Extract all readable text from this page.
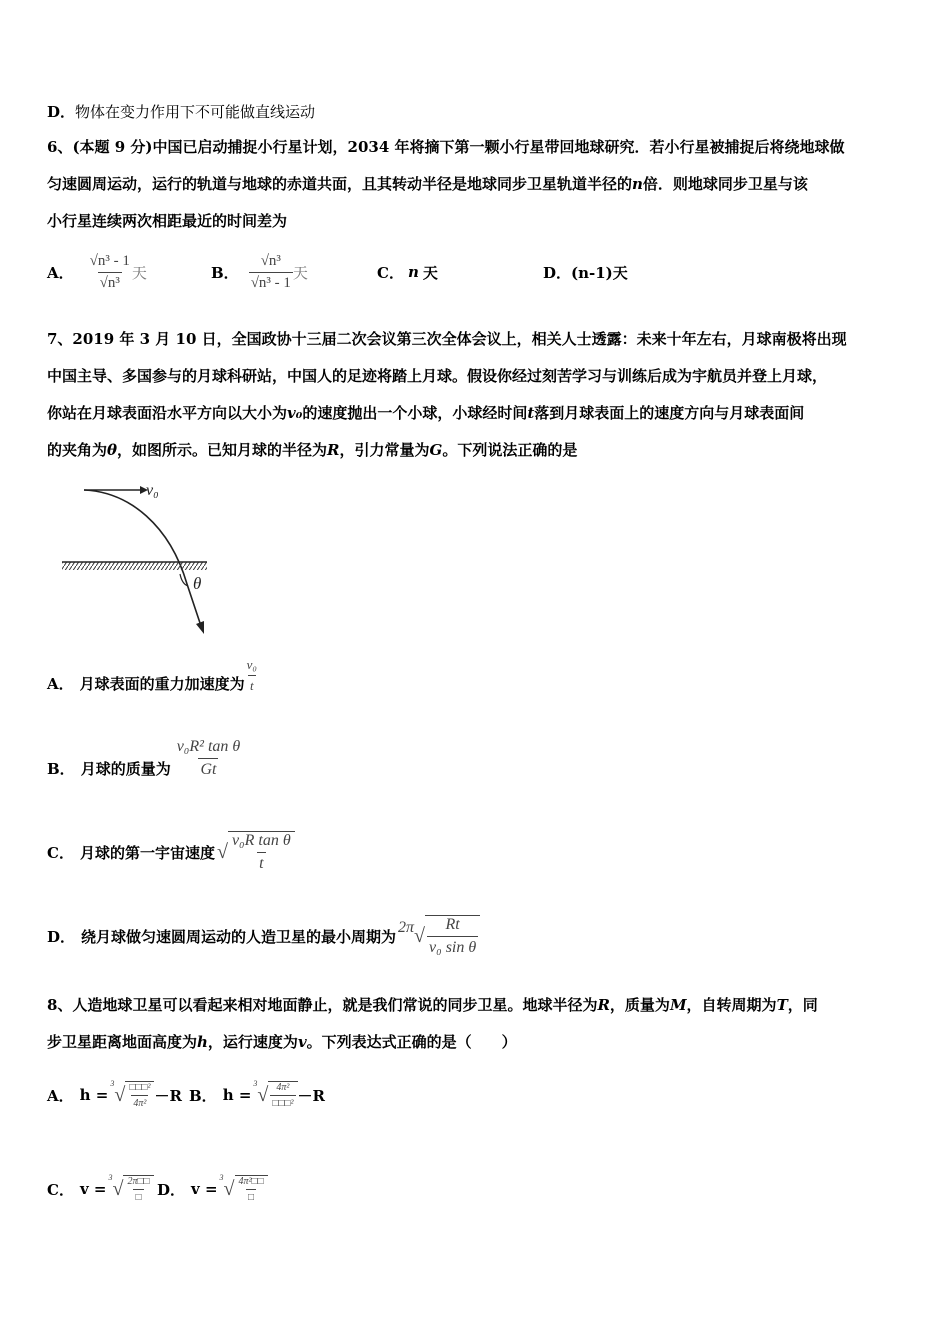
D．物体在变力作用下不可能做直线运动
6、(本题 9 分)中国已启动捕捉小行星计划，2034 年将摘下第一颗小行星带回地球研究．若小行星被捕捉后将绕地球做
匀速圆周运动，运行的轨道与地球的赤道共面，且其转动半径是地球同步卫星轨道半径的n倍．则地球同步卫星与该
小行星连续两次相距最近的时间差为
A． $\frac{\text{√n³ - 1}}{\text{√n³}}$ 天	B． $\frac{\text{√n³}}{\text{√n³ - 1}}$ 天	C． n 天	D． (n-1)天
7、2019 年 3 月 10 日，全国政协十三届二次会议第三次全体会议上，相关人士透露：未来十年左右，月球南极将出现
中国主导、多国参与的月球科研站，中国人的足迹将踏上月球。假设你经过刻苦学习与训练后成为宇航员并登上月球，
你站在月球表面沿水平方向以大小为v₀的速度抛出一个小球，小球经时间t落到月球表面上的速度方向与月球表面间
的夹角为θ，如图所示。已知月球的半径为R，引力常量为G。下列说法正确的是
v₀
θ
A． 月球表面的重力加速度为 $\frac{\text{v₀}}{t}$
B． 月球的质量为 $\frac{\text{v₀R² tan θ}}{Gt}$
C． 月球的第一宇宙速度 √ $\frac{\text{v₀R tan θ}}{t}$
D． 绕月球做匀速圆周运动的人造卫星的最小周期为 2π √ $\frac{Rt}{\text{v₀ sin θ}}$
8、人造地球卫星可以看起来相对地面静止，就是我们常说的同步卫星。地球半径为R，质量为M，自转周期为T，同
步卫星距离地面高度为h，运行速度为v。下列表达式正确的是（　　）
A． h =
3
√ $\frac{\text{□□□²}}{\text{4π²}} -R$ B． h =
3
√ $\frac{\text{4π²}}{\text{□□□²}} -R$
C． v =
3
√ $\frac{2\pi□□}{□}$ D． v =
3
√ $\frac{\text{4π²□□}}{□}$
